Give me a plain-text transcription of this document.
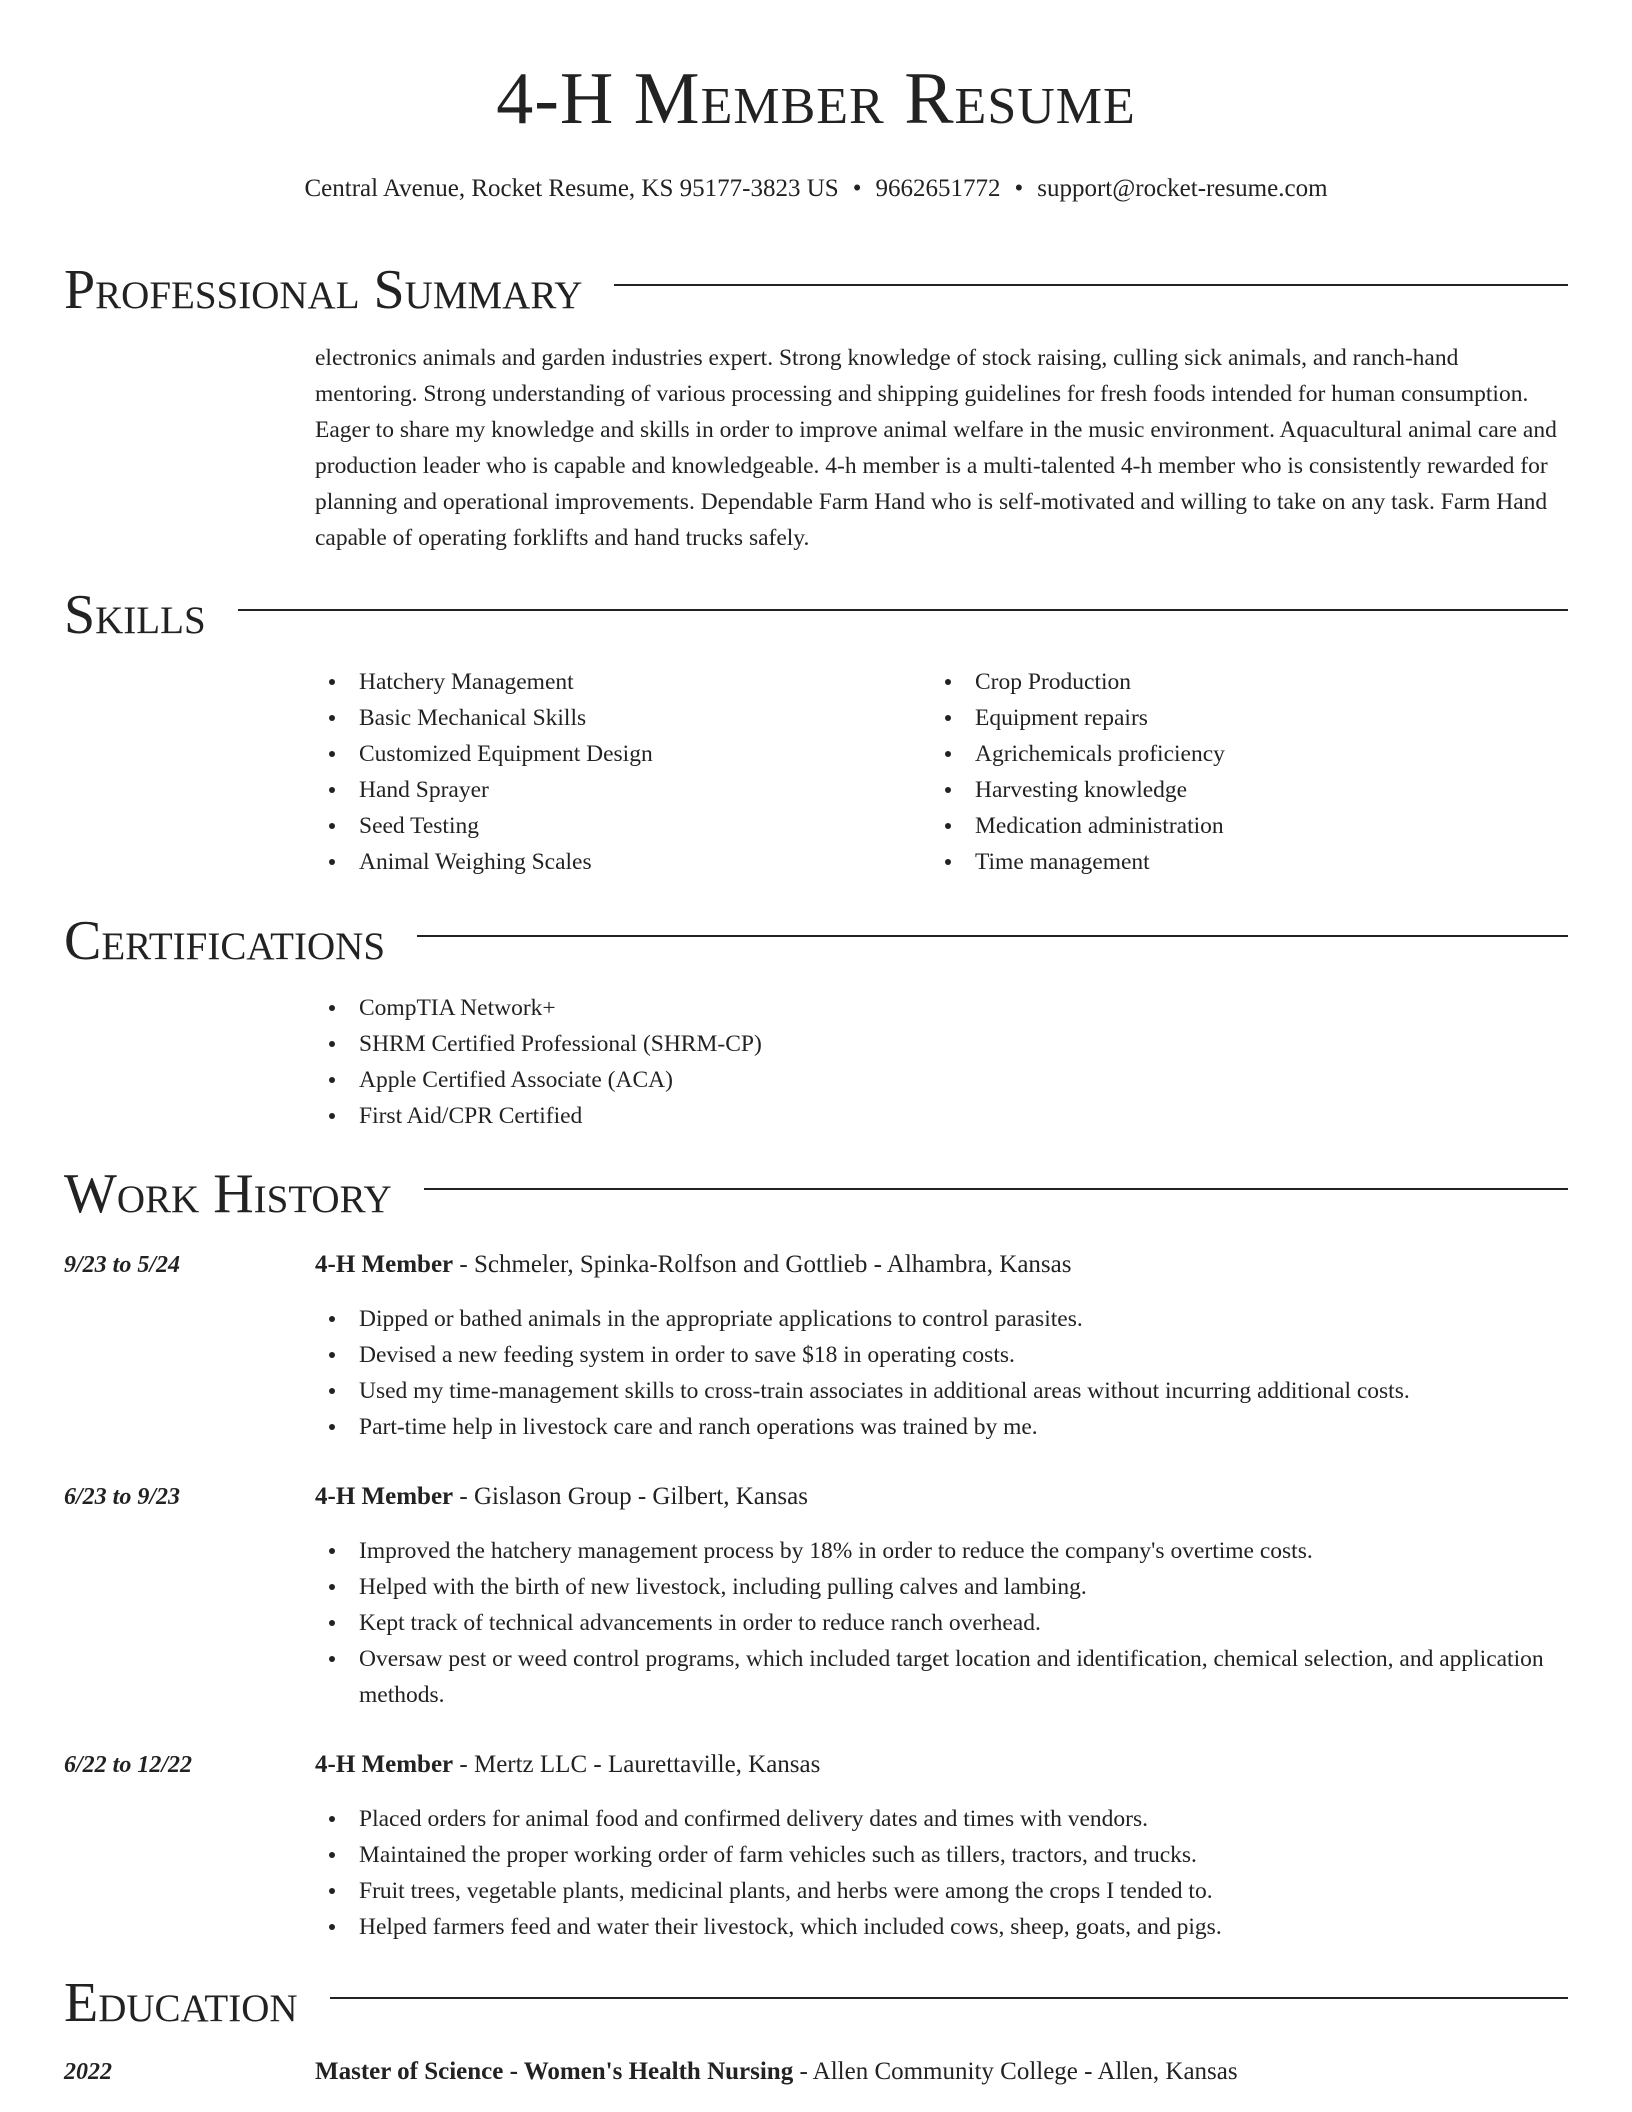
4-H Member Resume
Central Avenue, Rocket Resume, KS 95177-3823 US • 9662651772 • support@rocket-resume.com
Professional Summary

electronics animals and garden industries expert. Strong knowledge of stock raising, culling sick animals, and ranch-hand mentoring. Strong understanding of various processing and shipping guidelines for fresh foods intended for human consumption. Eager to share my knowledge and skills in order to improve animal welfare in the music environment. Aquacultural animal care and production leader who is capable and knowledgeable. 4-h member is a multi-talented 4-h member who is consistently rewarded for planning and operational improvements. Dependable Farm Hand who is self-motivated and willing to take on any task. Farm Hand capable of operating forklifts and hand trucks safely.

Skills
Hatchery Management
Basic Mechanical Skills
Customized Equipment Design
Hand Sprayer
Seed Testing
Animal Weighing Scales
Crop Production
Equipment repairs
Agrichemicals proficiency
Harvesting knowledge
Medication administration
Time management
Certifications
CompTIA Network+
SHRM Certified Professional (SHRM-CP)
Apple Certified Associate (ACA)
First Aid/CPR Certified
Work History
9/23 to 5/24	4-H Member - Schmeler, Spinka-Rolfson and Gottlieb - Alhambra, Kansas
Dipped or bathed animals in the appropriate applications to control parasites.
Devised a new feeding system in order to save $18 in operating costs.
Used my time-management skills to cross-train associates in additional areas without incurring additional costs.
Part-time help in livestock care and ranch operations was trained by me.
6/23 to 9/23	4-H Member - Gislason Group - Gilbert, Kansas
Improved the hatchery management process by 18% in order to reduce the company's overtime costs.
Helped with the birth of new livestock, including pulling calves and lambing.
Kept track of technical advancements in order to reduce ranch overhead.
Oversaw pest or weed control programs, which included target location and identification, chemical selection, and application methods.
6/22 to 12/22	4-H Member - Mertz LLC - Laurettaville, Kansas
Placed orders for animal food and confirmed delivery dates and times with vendors.
Maintained the proper working order of farm vehicles such as tillers, tractors, and trucks.
Fruit trees, vegetable plants, medicinal plants, and herbs were among the crops I tended to.
Helped farmers feed and water their livestock, which included cows, sheep, goats, and pigs.
Education
2022	Master of Science - Women's Health Nursing - Allen Community College - Allen, Kansas
